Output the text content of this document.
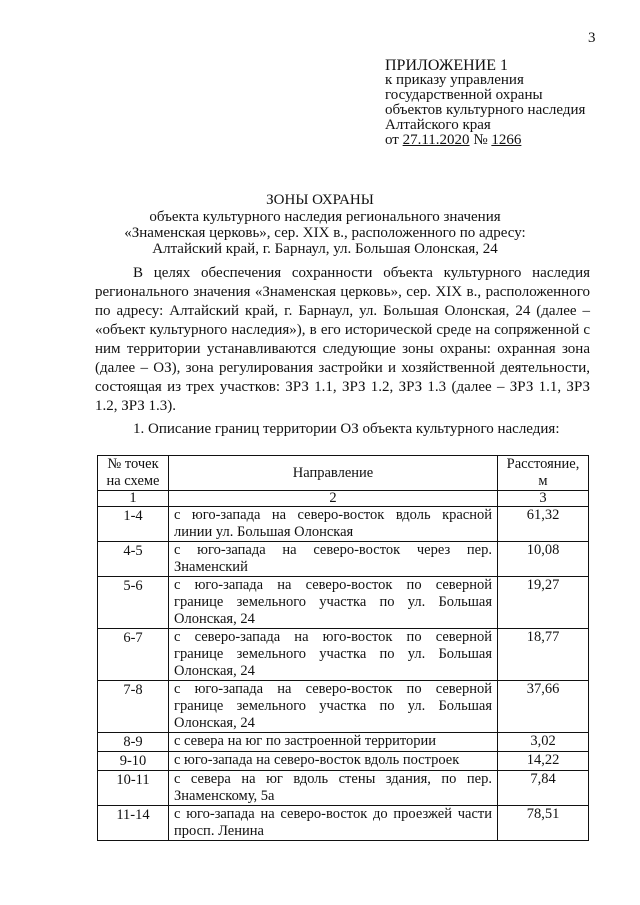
3
ПРИЛОЖЕНИЕ 1
к приказу управления
государственной охраны
объектов культурного наследия
Алтайского края
от 27.11.2020 № 1266
ЗОНЫ ОХРАНЫ
объекта культурного наследия регионального значения
«Знаменская церковь», сер. XIX в., расположенного по адресу:
Алтайский край, г. Барнаул, ул. Большая Олонская, 24

В целях обеспечения сохранности объекта культурного наследия регионального значения «Знаменская церковь», сер. XIX в., расположенного по адресу: Алтайский край, г. Барнаул, ул. Большая Олонская, 24 (далее – «объект культурного наследия»), в его исторической среде на сопряженной с ним территории устанавливаются следующие зоны охраны: охранная зона (далее – ОЗ), зона регулирования застройки и хозяйственной деятельности, состоящая из трех участков: ЗРЗ 1.1, ЗРЗ 1.2, ЗРЗ 1.3 (далее – ЗРЗ 1.1, ЗРЗ 1.2, ЗРЗ 1.3).

1. Описание границ территории ОЗ объекта культурного наследия:
№ точек
на схеме	Направление	Расстояние, м
1	2	3
1-4	с юго-запада на северо-восток вдоль красной линии ул. Большая Олонская	61,32
4-5	с юго-запада на северо-восток через пер. Знаменский	10,08
5-6	с юго-запада на северо-восток по северной границе земельного участка по ул. Большая Олонская, 24	19,27
6-7	с северо-запада на юго-восток по северной границе земельного участка по ул. Большая Олонская, 24	18,77
7-8	с юго-запада на северо-восток по северной границе земельного участка по ул. Большая Олонская, 24	37,66
8-9	с севера на юг по застроенной территории	3,02
9-10	с юго-запада на северо-восток вдоль построек	14,22
10-11	с севера на юг вдоль стены здания, по пер. Знаменскому, 5а	7,84
11-14	с юго-запада на северо-восток до проезжей части просп. Ленина	78,51
